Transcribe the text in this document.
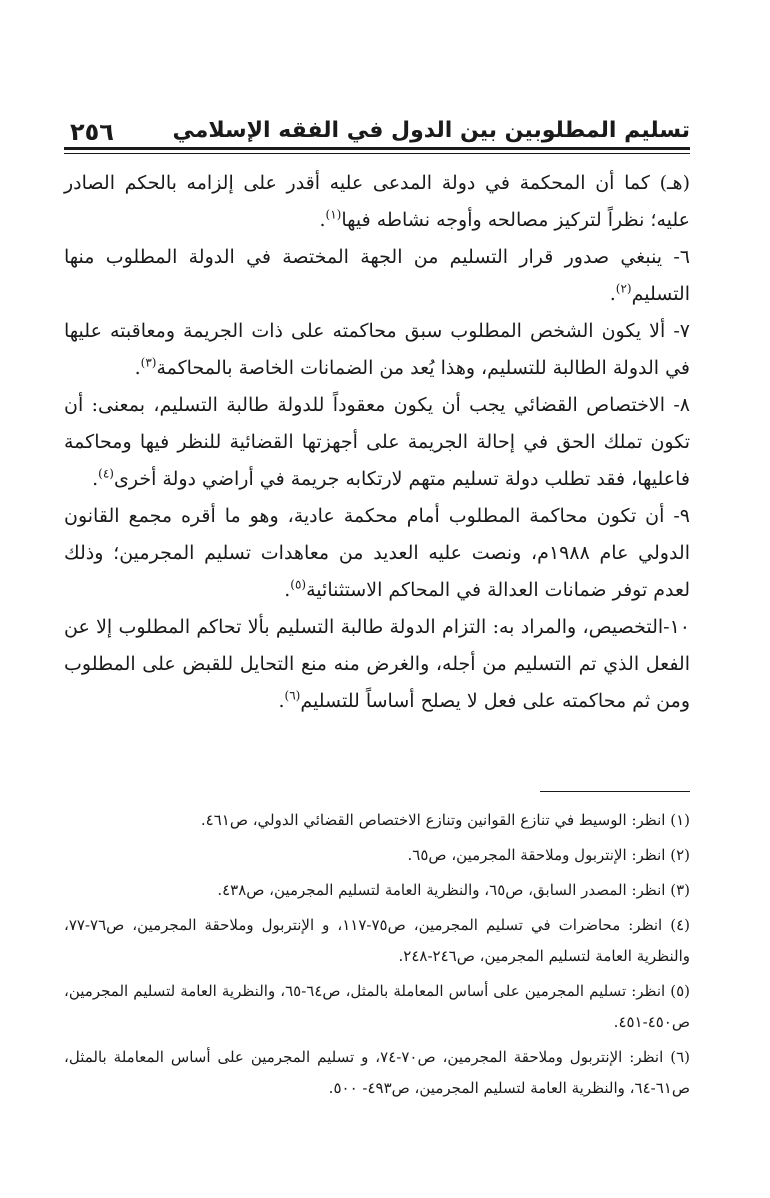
تسليم المطلوبين بين الدول في الفقه الإسلامي
٢٥٦

(هـ) كما أن المحكمة في دولة المدعى عليه أقدر على إلزامه بالحكم الصادر عليه؛ نظراً لتركيز مصالحه وأوجه نشاطه فيها$^{(١)}$.

٦- ينبغي صدور قرار التسليم من الجهة المختصة في الدولة المطلوب منها التسليم$^{(٢)}$.

٧- ألا يكون الشخص المطلوب سبق محاكمته على ذات الجريمة ومعاقبته عليها في الدولة الطالبة للتسليم، وهذا يُعد من الضمانات الخاصة بالمحاكمة$^{(٣)}$.

٨- الاختصاص القضائي يجب أن يكون معقوداً للدولة طالبة التسليم، بمعنى: أن تكون تملك الحق في إحالة الجريمة على أجهزتها القضائية للنظر فيها ومحاكمة فاعليها، فقد تطلب دولة تسليم متهم لارتكابه جريمة في أراضي دولة أخرى$^{(٤)}$.

٩- أن تكون محاكمة المطلوب أمام محكمة عادية، وهو ما أقره مجمع القانون الدولي عام ١٩٨٨م، ونصت عليه العديد من معاهدات تسليم المجرمين؛ وذلك لعدم توفر ضمانات العدالة في المحاكم الاستثنائية$^{(٥)}$.

١٠-التخصيص، والمراد به: التزام الدولة طالبة التسليم بألا تحاكم المطلوب إلا عن الفعل الذي تم التسليم من أجله، والغرض منه منع التحايل للقبض على المطلوب ومن ثم محاكمته على فعل لا يصلح أساساً للتسليم$^{(٦)}$.

(١) انظر: الوسيط في تنازع القوانين وتنازع الاختصاص القضائي الدولي، ص٤٦١.

(٢) انظر: الإنتربول وملاحقة المجرمين، ص٦٥.

(٣) انظر: المصدر السابق، ص٦٥، والنظرية العامة لتسليم المجرمين، ص٤٣٨.

(٤) انظر: محاضرات في تسليم المجرمين، ص٧٥-١١٧، و الإنتربول وملاحقة المجرمين، ص٧٦-٧٧، والنظرية العامة لتسليم المجرمين، ص٢٤٦-٢٤٨.

(٥) انظر: تسليم المجرمين على أساس المعاملة بالمثل، ص٦٤-٦٥، والنظرية العامة لتسليم المجرمين، ص٤٥٠-٤٥١.

(٦) انظر: الإنتربول وملاحقة المجرمين، ص٧٠-٧٤، و تسليم المجرمين على أساس المعاملة بالمثل، ص٦١-٦٤، والنظرية العامة لتسليم المجرمين، ص٤٩٣- ٥٠٠.
